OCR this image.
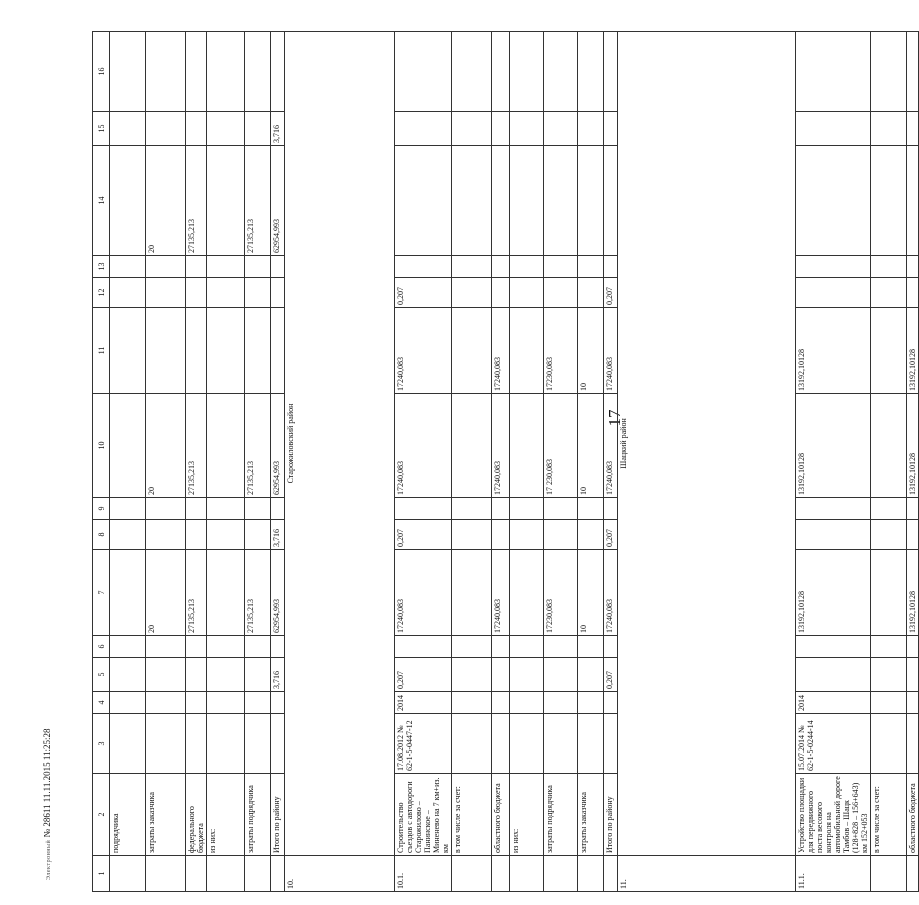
17
1	2	3	4	5	6	7	8	9	10	11	12	13	14	15	16
	подрядчика														
	затраты заказчика					20			20				20		
	федерального бюджета					27135,213			27135,213				27135,213		
	из них:														
	затраты подрядчика					27135,213			27135,213				27135,213		
	Итого по району			3,716		62954,993	3,716		62954,993				62954,993	3,716	
10.	Старожиловский район														
10.1.	Строительство съездов с автодороги Старожилово – Панинское – Миненево на 7 км+из. км	17.08.2012 № 62-1-5-0447-12	2014	0,207		17240,083	0,207		17240,083	17240,083	0,207				
	в том числе за счет:														
	областного бюджета					17240,083			17240,083	17240,083					
	из них:														
	затраты подрядчика					17230,083			17 230,083	17230,083					
	затраты заказчика					10			10	10					
	Итого по району			0,207		17240,083	0,207		17240,083	17240,083	0,207				
11.	Шацкий район														
11.1.	Устройство площадки для передвижного поста весового контроля на автомобильной дороге Тамбов – Шацк (128+828 – 156+643) км 152+053	15.07.2014 № 62-1-5-0244-14	2014			13192,10128			13192,10128	13192,10128					
	в том числе за счет:														
	областного бюджета					13192,10128			13192,10128	13192,10128					
Электронный № 28611 11.11.2015 11:25:28
